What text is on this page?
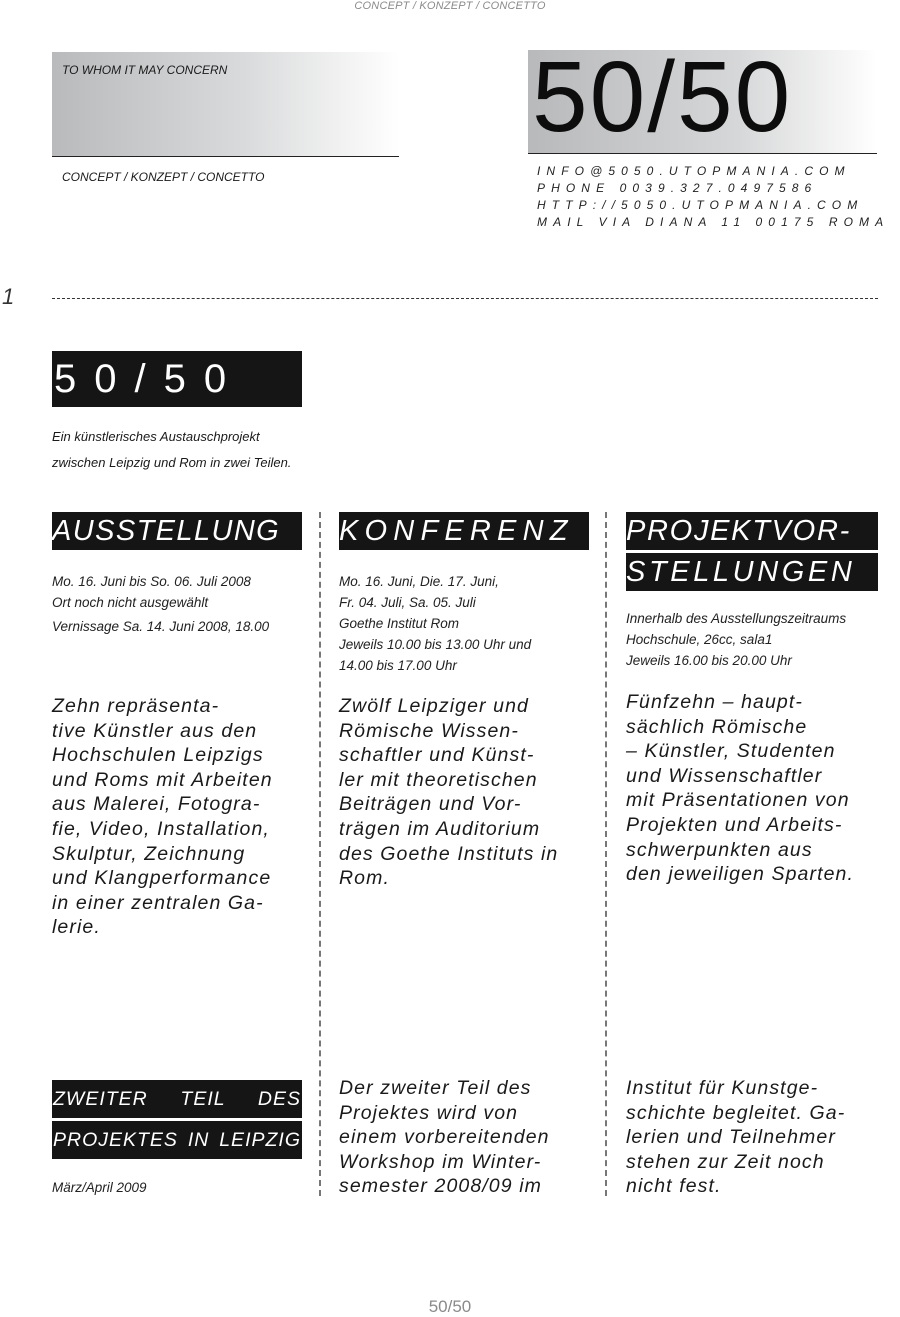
CONCEPT / KONZEPT / CONCETTO
TO WHOM IT MAY CONCERN
CONCEPT / KONZEPT / CONCETTO
50/50
INFO@5050.UTOPMANIA.COM
PHONE 0039.327.0497586
HTTP://5050.UTOPMANIA.COM
MAIL VIA DIANA 11 00175 ROMA
1
50/50
Ein künstlerisches Austauschprojekt
zwischen Leipzig und Rom in zwei Teilen.
AUSSTELLUNG
Mo. 16. Juni bis So. 06. Juli 2008
Ort noch nicht ausgewählt
Vernissage Sa. 14. Juni 2008, 18.00
Zehn repräsenta-
tive Künstler aus den
Hochschulen Leipzigs
und Roms mit Arbeiten
aus Malerei, Fotogra-
fie, Video, Installation,
Skulptur, Zeichnung
und Klangperformance
in einer zentralen Ga-
lerie.
KONFERENZ
Mo. 16. Juni, Die. 17. Juni,
Fr. 04. Juli, Sa. 05. Juli
Goethe Institut Rom
Jeweils 10.00 bis 13.00 Uhr und
14.00 bis 17.00 Uhr
Zwölf Leipziger und
Römische Wissen-
schaftler und Künst-
ler mit theoretischen
Beiträgen und Vor-
trägen im Auditorium
des Goethe Instituts in
Rom.
PROJEKTVOR-
STELLUNGEN
Innerhalb des Ausstellungszeitraums
Hochschule, 26cc, sala1
Jeweils 16.00 bis 20.00 Uhr
Fünfzehn – haupt-
sächlich Römische
– Künstler, Studenten
und Wissenschaftler
mit Präsentationen von
Projekten und Arbeits-
schwerpunkten aus
den jeweiligen Sparten.
ZWEITER TEIL DES
PROJEKTES IN LEIPZIG
März/April 2009
Der zweiter Teil des
Projektes wird von
einem vorbereitenden
Workshop im Winter-
semester 2008/09 im
Institut für Kunstge-
schichte begleitet. Ga-
lerien und Teilnehmer
stehen zur Zeit noch
nicht fest.
50/50
